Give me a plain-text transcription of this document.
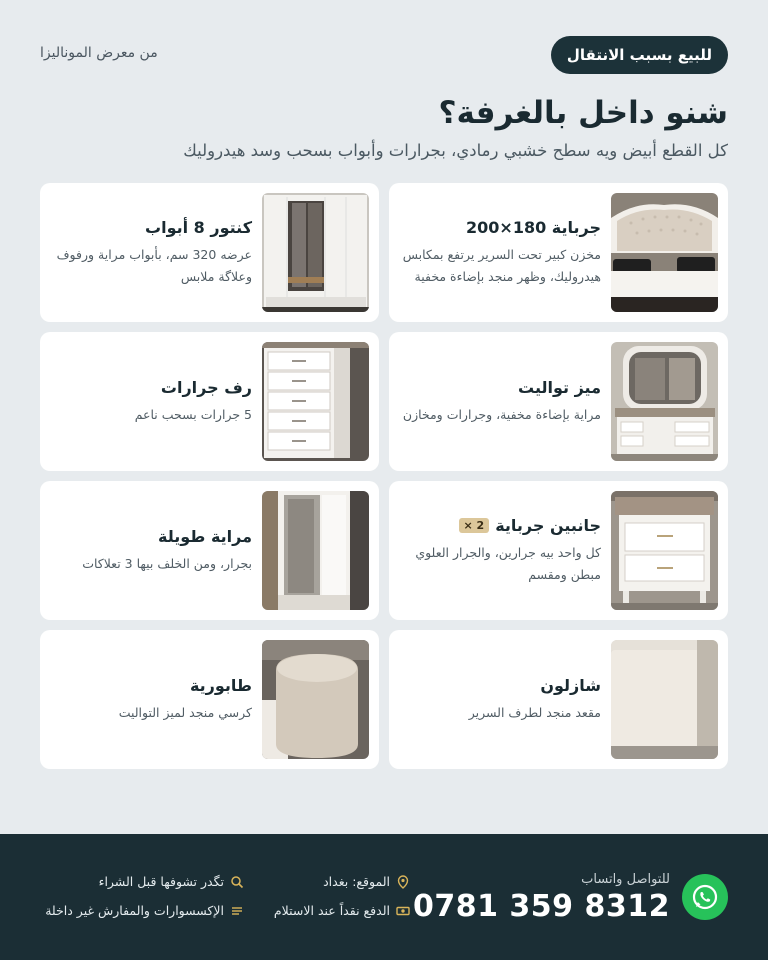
للبيع بسبب الانتقال
من معرض الموناليزا
شنو داخل بالغرفة؟

كل القطع أبيض ويه سطح خشبي رمادي، بجرارات وأبواب بسحب وسد هيدروليك

جرباية 180×200
مخزن كبير تحت السرير يرتفع بمكابس هيدروليك، وظهر منجد بإضاءة مخفية
كنتور 8 أبواب
عرضه 320 سم، بأبواب مراية ورفوف وعلاگة ملابس
ميز تواليت
مراية بإضاءة مخفية، وجرارات ومخازن
رف جرارات
5 جرارات بسحب ناعم
جانبين جرباية
× 2
كل واحد بيه جرارين، والجرار العلوي مبطن ومقسم
مراية طويلة
بجرار، ومن الخلف بيها 3 تعلاكات
شازلون
مقعد منجد لطرف السرير
طابورية
كرسي منجد لميز التواليت
للتواصل واتساب
0781 359 8312
الموقع: بغداد
الدفع نقداً عند الاستلام
تگدر تشوفها قبل الشراء
الإكسسوارات والمفارش غير داخلة
